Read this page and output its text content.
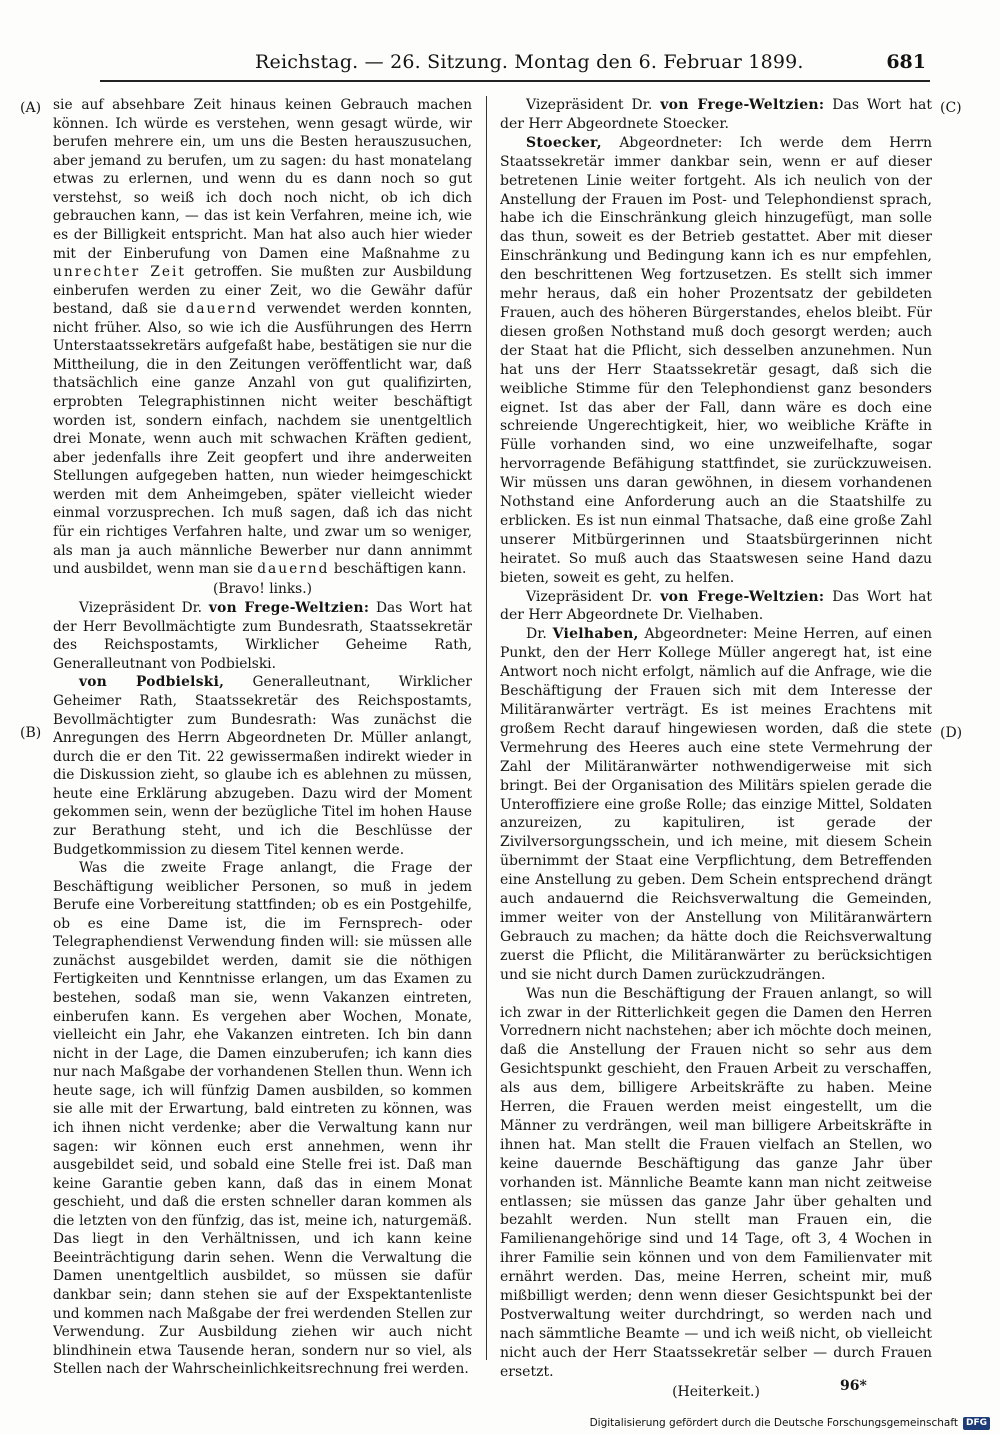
Reichstag. — 26. Sitzung. Montag den 6. Februar 1899.	681
(A)
(B)
(C)
(D)

sie auf absehbare Zeit hinaus keinen Gebrauch machen können. Ich würde es verstehen, wenn gesagt würde, wir berufen mehrere ein, um uns die Besten herauszusuchen, aber jemand zu berufen, um zu sagen: du hast monatelang etwas zu erlernen, und wenn du es dann noch so gut verstehst, so weiß ich doch noch nicht, ob ich dich gebrauchen kann, — das ist kein Verfahren, meine ich, wie es der Billigkeit entspricht. Man hat also auch hier wieder mit der Einberufung von Damen eine Maßnahme zu unrechter Zeit getroffen. Sie mußten zur Ausbildung einberufen werden zu einer Zeit, wo die Gewähr dafür bestand, daß sie dauernd verwendet werden konnten, nicht früher. Also, so wie ich die Ausführungen des Herrn Unterstaatssekretärs aufgefaßt habe, bestätigen sie nur die Mittheilung, die in den Zeitungen veröffentlicht war, daß thatsächlich eine ganze Anzahl von gut qualifizirten, erprobten Telegraphistinnen nicht weiter beschäftigt worden ist, sondern einfach, nachdem sie unentgeltlich drei Monate, wenn auch mit schwachen Kräften gedient, aber jedenfalls ihre Zeit geopfert und ihre anderweiten Stellungen aufgegeben hatten, nun wieder heimgeschickt werden mit dem Anheimgeben, später vielleicht wieder einmal vorzusprechen. Ich muß sagen, daß ich das nicht für ein richtiges Verfahren halte, und zwar um so weniger, als man ja auch männliche Bewerber nur dann annimmt und ausbildet, wenn man sie dauernd beschäftigen kann.

(Bravo! links.)

Vizepräsident Dr. von Frege-Weltzien: Das Wort hat der Herr Bevollmächtigte zum Bundesrath, Staatssekretär des Reichspostamts, Wirklicher Geheime Rath, Generalleutnant von Podbielski.

von Podbielski, Generalleutnant, Wirklicher Geheimer Rath, Staatssekretär des Reichspostamts, Bevollmächtigter zum Bundesrath: Was zunächst die Anregungen des Herrn Abgeordneten Dr. Müller anlangt, durch die er den Tit. 22 gewissermaßen indirekt wieder in die Diskussion zieht, so glaube ich es ablehnen zu müssen, heute eine Erklärung abzugeben. Dazu wird der Moment gekommen sein, wenn der bezügliche Titel im hohen Hause zur Berathung steht, und ich die Beschlüsse der Budgetkommission zu diesem Titel kennen werde.

Was die zweite Frage anlangt, die Frage der Beschäftigung weiblicher Personen, so muß in jedem Berufe eine Vorbereitung stattfinden; ob es ein Postgehilfe, ob es eine Dame ist, die im Fernsprech- oder Telegraphendienst Verwendung finden will: sie müssen alle zunächst ausgebildet werden, damit sie die nöthigen Fertigkeiten und Kenntnisse erlangen, um das Examen zu bestehen, sodaß man sie, wenn Vakanzen eintreten, einberufen kann. Es vergehen aber Wochen, Monate, vielleicht ein Jahr, ehe Vakanzen eintreten. Ich bin dann nicht in der Lage, die Damen einzuberufen; ich kann dies nur nach Maßgabe der vorhandenen Stellen thun. Wenn ich heute sage, ich will fünfzig Damen ausbilden, so kommen sie alle mit der Erwartung, bald eintreten zu können, was ich ihnen nicht verdenke; aber die Verwaltung kann nur sagen: wir können euch erst annehmen, wenn ihr ausgebildet seid, und sobald eine Stelle frei ist. Daß man keine Garantie geben kann, daß das in einem Monat geschieht, und daß die ersten schneller daran kommen als die letzten von den fünfzig, das ist, meine ich, naturgemäß. Das liegt in den Verhältnissen, und ich kann keine Beeinträchtigung darin sehen. Wenn die Verwaltung die Damen unentgeltlich ausbildet, so müssen sie dafür dankbar sein; dann stehen sie auf der Exspektantenliste und kommen nach Maßgabe der frei werdenden Stellen zur Verwendung. Zur Ausbildung ziehen wir auch nicht blindhinein etwa Tausende heran, sondern nur so viel, als Stellen nach der Wahrscheinlichkeitsrechnung frei werden.

Vizepräsident Dr. von Frege-Weltzien: Das Wort hat der Herr Abgeordnete Stoecker.

Stoecker, Abgeordneter: Ich werde dem Herrn Staatssekretär immer dankbar sein, wenn er auf dieser betretenen Linie weiter fortgeht. Als ich neulich von der Anstellung der Frauen im Post- und Telephondienst sprach, habe ich die Einschränkung gleich hinzugefügt, man solle das thun, soweit es der Betrieb gestattet. Aber mit dieser Einschränkung und Bedingung kann ich es nur empfehlen, den beschrittenen Weg fortzusetzen. Es stellt sich immer mehr heraus, daß ein hoher Prozentsatz der gebildeten Frauen, auch des höheren Bürgerstandes, ehelos bleibt. Für diesen großen Nothstand muß doch gesorgt werden; auch der Staat hat die Pflicht, sich desselben anzunehmen. Nun hat uns der Herr Staatssekretär gesagt, daß sich die weibliche Stimme für den Telephondienst ganz besonders eignet. Ist das aber der Fall, dann wäre es doch eine schreiende Ungerechtigkeit, hier, wo weibliche Kräfte in Fülle vorhanden sind, wo eine unzweifelhafte, sogar hervorragende Befähigung stattfindet, sie zurückzuweisen. Wir müssen uns daran gewöhnen, in diesem vorhandenen Nothstand eine Anforderung auch an die Staatshilfe zu erblicken. Es ist nun einmal Thatsache, daß eine große Zahl unserer Mitbürgerinnen und Staatsbürgerinnen nicht heiratet. So muß auch das Staatswesen seine Hand dazu bieten, soweit es geht, zu helfen.

Vizepräsident Dr. von Frege-Weltzien: Das Wort hat der Herr Abgeordnete Dr. Vielhaben.

Dr. Vielhaben, Abgeordneter: Meine Herren, auf einen Punkt, den der Herr Kollege Müller angeregt hat, ist eine Antwort noch nicht erfolgt, nämlich auf die Anfrage, wie die Beschäftigung der Frauen sich mit dem Interesse der Militäranwärter verträgt. Es ist meines Erachtens mit großem Recht darauf hingewiesen worden, daß die stete Vermehrung des Heeres auch eine stete Vermehrung der Zahl der Militäranwärter nothwendigerweise mit sich bringt. Bei der Organisation des Militärs spielen gerade die Unteroffiziere eine große Rolle; das einzige Mittel, Soldaten anzureizen, zu kapituliren, ist gerade der Zivilversorgungsschein, und ich meine, mit diesem Schein übernimmt der Staat eine Verpflichtung, dem Betreffenden eine Anstellung zu geben. Dem Schein entsprechend drängt auch andauernd die Reichsverwaltung die Gemeinden, immer weiter von der Anstellung von Militäranwärtern Gebrauch zu machen; da hätte doch die Reichsverwaltung zuerst die Pflicht, die Militäranwärter zu berücksichtigen und sie nicht durch Damen zurückzudrängen.

Was nun die Beschäftigung der Frauen anlangt, so will ich zwar in der Ritterlichkeit gegen die Damen den Herren Vorrednern nicht nachstehen; aber ich möchte doch meinen, daß die Anstellung der Frauen nicht so sehr aus dem Gesichtspunkt geschieht, den Frauen Arbeit zu verschaffen, als aus dem, billigere Arbeitskräfte zu haben. Meine Herren, die Frauen werden meist eingestellt, um die Männer zu verdrängen, weil man billigere Arbeitskräfte in ihnen hat. Man stellt die Frauen vielfach an Stellen, wo keine dauernde Beschäftigung das ganze Jahr über vorhanden ist. Männliche Beamte kann man nicht zeitweise entlassen; sie müssen das ganze Jahr über gehalten und bezahlt werden. Nun stellt man Frauen ein, die Familienangehörige sind und 14 Tage, oft 3, 4 Wochen in ihrer Familie sein können und von dem Familienvater mit ernährt werden. Das, meine Herren, scheint mir, muß mißbilligt werden; denn wenn dieser Gesichtspunkt bei der Postverwaltung weiter durchdringt, so werden nach und nach sämmtliche Beamte — und ich weiß nicht, ob vielleicht nicht auch der Herr Staatssekretär selber — durch Frauen ersetzt.

(Heiterkeit.)	96*
Digitalisierung gefördert durch die Deutsche Forschungsgemeinschaft DFG
